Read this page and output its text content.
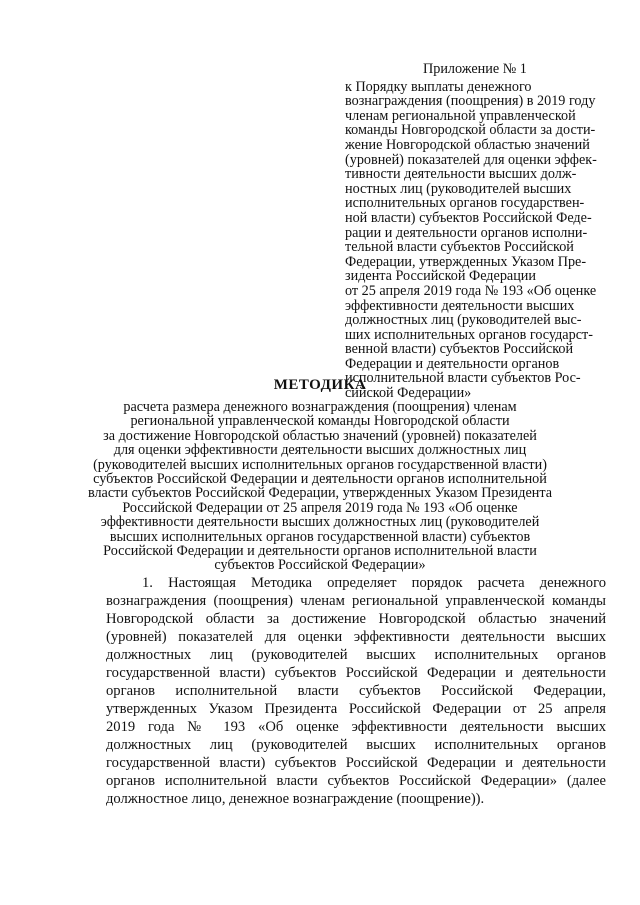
Приложение № 1
к Порядку выплаты денежного
вознаграждения (поощрения) в 2019 году
членам региональной управленческой
команды Новгородской области за дости-
жение Новгородской областью значений
(уровней) показателей для оценки эффек-
тивности деятельности высших долж-
ностных лиц (руководителей высших
исполнительных органов государствен-
ной власти) субъектов Российской Феде-
рации и деятельности органов исполни-
тельной власти субъектов Российской
Федерации, утвержденных Указом Пре-
зидента Российской Федерации
от 25 апреля 2019 года № 193 «Об оценке
эффективности деятельности высших
должностных лиц (руководителей выс-
ших исполнительных органов государст-
венной власти) субъектов Российской
Федерации и деятельности органов
исполнительной власти субъектов Рос-
сийской Федерации»
МЕТОДИКА
расчета размера денежного вознаграждения (поощрения) членам
региональной управленческой команды Новгородской области
за достижение Новгородской областью значений (уровней) показателей
для оценки эффективности деятельности высших должностных лиц
(руководителей высших исполнительных органов государственной власти)
субъектов Российской Федерации и деятельности органов исполнительной
власти субъектов Российской Федерации, утвержденных Указом Президента
Российской Федерации от 25 апреля 2019 года № 193 «Об оценке
эффективности деятельности высших должностных лиц (руководителей
высших исполнительных органов государственной власти) субъектов
Российской Федерации и деятельности органов исполнительной власти
субъектов Российской Федерации»
1. Настоящая Методика определяет порядок расчета денежного
вознаграждения (поощрения) членам региональной управленческой команды
Новгородской области за достижение Новгородской областью значений
(уровней) показателей для оценки эффективности деятельности высших
должностных лиц (руководителей высших исполнительных органов
государственной власти) субъектов Российской Федерации и деятельности
органов исполнительной власти субъектов Российской Федерации,
утвержденных Указом Президента Российской Федерации от 25 апреля
2019 года № 193 «Об оценке эффективности деятельности высших
должностных лиц (руководителей высших исполнительных органов
государственной власти) субъектов Российской Федерации и деятельности
органов исполнительной власти субъектов Российской Федерации» (далее
должностное лицо, денежное вознаграждение (поощрение)).
